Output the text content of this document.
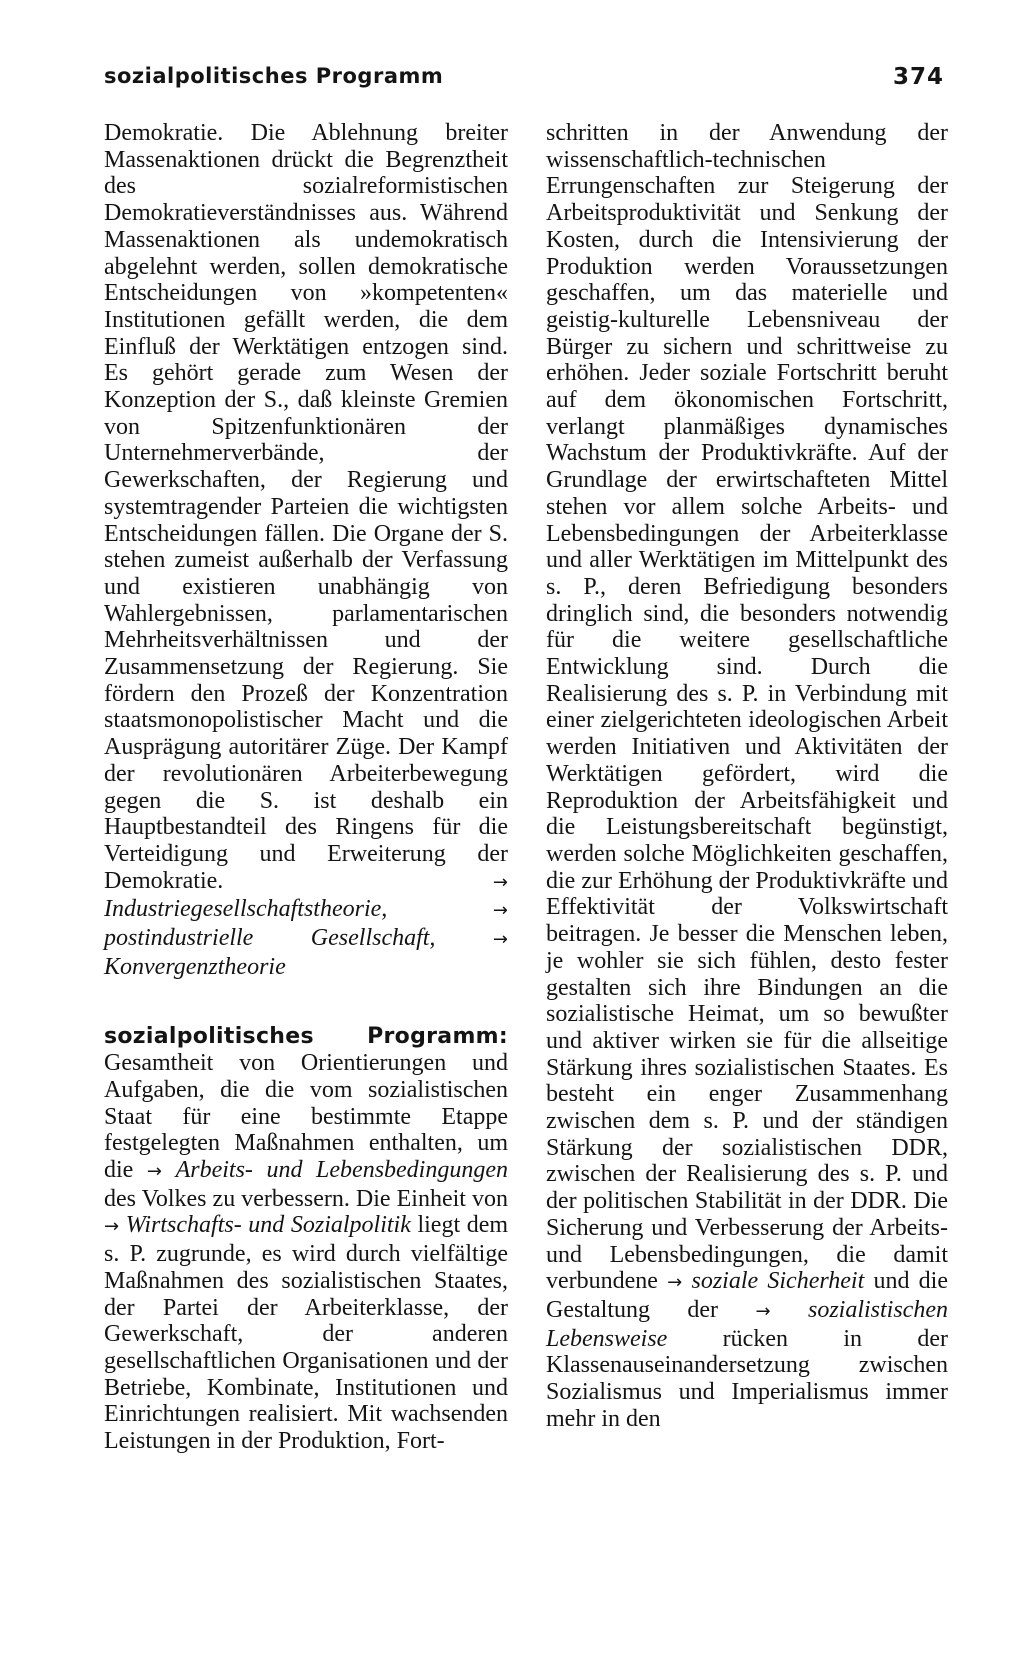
sozialpolitisches Programm	374

Demokratie. Die Ablehnung breiter Massenaktionen drückt die Begrenztheit des sozialreformistischen Demokratieverständnisses aus. Während Massenaktionen als undemokratisch abgelehnt werden, sollen demokratische Entscheidungen von »kompetenten« Institutionen gefällt werden, die dem Einfluß der Werktätigen entzogen sind. Es gehört gerade zum Wesen der Konzeption der S., daß kleinste Gremien von Spitzenfunktionären der Unternehmerverbände, der Gewerkschaften, der Regierung und systemtragender Parteien die wichtigsten Entscheidungen fällen. Die Organe der S. stehen zumeist außerhalb der Verfassung und existieren unabhängig von Wahlergebnissen, parlamentarischen Mehrheitsverhältnissen und der Zusammensetzung der Regierung. Sie fördern den Prozeß der Konzentration staatsmonopolistischer Macht und die Ausprägung autoritärer Züge. Der Kampf der revolutionären Arbeiterbewegung gegen die S. ist deshalb ein Hauptbestandteil des Ringens für die Verteidigung und Erweiterung der Demokratie.	→ Industriegesellschaftstheorie,	→ postindustrielle Gesellschaft,	→ Konvergenztheorie

sozialpolitisches Programm: Gesamtheit von Orientierungen und Aufgaben, die die vom sozialistischen Staat für eine bestimmte Etappe festgelegten Maßnahmen enthalten, um die → Arbeits- und Lebensbedingungen des Volkes zu verbessern. Die Einheit von → Wirtschafts- und Sozialpolitik liegt dem s. P. zugrunde, es wird durch vielfältige Maßnahmen des sozialistischen Staates, der Partei der Arbeiterklasse, der Gewerkschaft, der anderen gesellschaftlichen Organisationen und der Betriebe, Kombinate, Institutionen und Einrichtungen realisiert. Mit wachsenden Leistungen in der Produktion, Fort-

schritten in der Anwendung der wissenschaftlich-technischen Errungenschaften zur Steigerung der Arbeitsproduktivität und Senkung der Kosten, durch die Intensivierung der Produktion werden Voraussetzungen geschaffen, um das materielle und geistig-kulturelle Lebensniveau der Bürger zu sichern und schrittweise zu erhöhen. Jeder soziale Fortschritt beruht auf dem ökonomischen Fortschritt, verlangt planmäßiges dynamisches Wachstum der Produktivkräfte. Auf der Grundlage der erwirtschafteten Mittel stehen vor allem solche Arbeits- und Lebensbedingungen der Arbeiterklasse und aller Werktätigen im Mittelpunkt des s. P., deren Befriedigung besonders dringlich sind, die besonders notwendig für die weitere gesellschaftliche Entwicklung sind. Durch die Realisierung des s. P. in Verbindung mit einer zielgerichteten ideologischen Arbeit werden Initiativen und Aktivitäten der Werktätigen gefördert, wird die Reproduktion der Arbeitsfähigkeit und die Leistungsbereitschaft begünstigt, werden solche Möglichkeiten geschaffen, die zur Erhöhung der Produktivkräfte und Effektivität der Volkswirtschaft beitragen. Je besser die Menschen leben, je wohler sie sich fühlen, desto fester gestalten sich ihre Bindungen an die sozialistische Heimat, um so bewußter und aktiver wirken sie für die allseitige Stärkung ihres sozialistischen Staates. Es besteht ein enger Zusammenhang zwischen dem s. P. und der ständigen Stärkung der sozialistischen DDR, zwischen der Realisierung des s. P. und der politischen Stabilität in der DDR. Die Sicherung und Verbesserung der Arbeits- und Lebensbedingungen, die damit verbundene → soziale Sicherheit und die Gestaltung der → sozialistischen Lebensweise rücken in der Klassenauseinandersetzung zwischen Sozialismus und Imperialismus immer mehr in den
